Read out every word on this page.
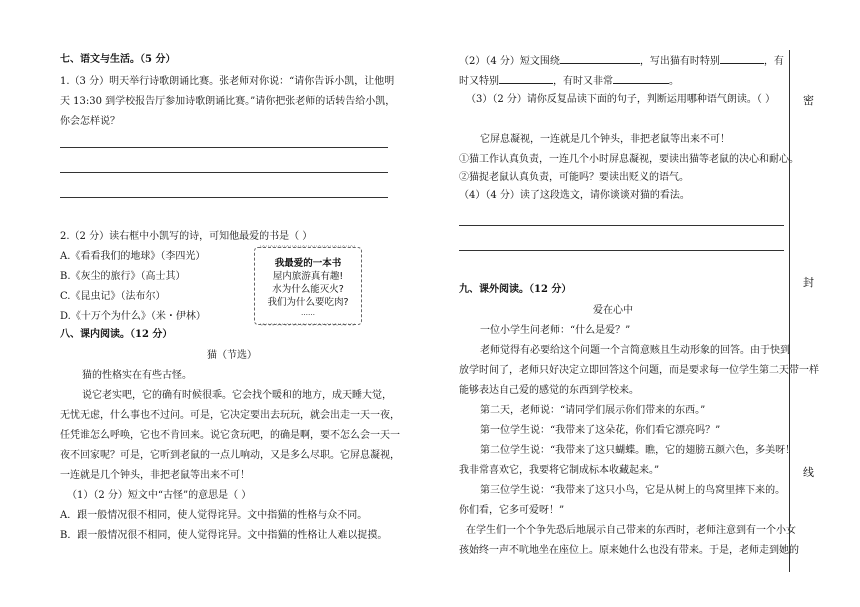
七、语文与生活。（5 分）
1.（3 分）明天举行诗歌朗诵比赛。张老师对你说：“请你告诉小凯，让他明
天 13:30 到学校报告厅参加诗歌朗诵比赛。”请你把张老师的话转告给小凯，
你会怎样说？
2.（2 分）读右框中小凯写的诗，可知他最爱的书是（ ）
A.《看看我们的地球》（李四光）
B.《灰尘的旅行》（高士其）
C.《昆虫记》（法布尔）
D.《十万个为什么》（米・伊林）
〰〰〰〰〰〰〰〰〰〰〰〰
我最爱的一本书
屋内旅游真有趣!
水为什么能灭火?
我们为什么要吃肉?
……
〰〰〰〰〰〰〰〰〰〰〰〰
八、课内阅读。（12 分）
猫（节选）
猫的性格实在有些古怪。
说它老实吧，它的确有时候很乖。它会找个暖和的地方，成天睡大觉，
无忧无虑，什么事也不过问。可是，它决定要出去玩玩，就会出走一天一夜，
任凭谁怎么呼唤，它也不肯回来。说它贪玩吧，的确是啊，要不怎么会一天一
夜不回家呢？可是，它听到老鼠的一点儿响动，又是多么尽职。它屏息凝视，
一连就是几个钟头，非把老鼠等出来不可！
（1）（2 分）短文中“古怪”的意思是（ ）
A．跟一般情况很不相同，使人觉得诧异。文中指猫的性格与众不同。
B．跟一般情况很不相同，使人觉得诧异。文中指猫的性格让人难以捉摸。
（2）（4 分）短文围绕	，写出猫有时特别	，有
时又特别	，有时又非常	。
（3）（2 分）请你反复品读下面的句子，判断运用哪种语气朗读。（ ）
它屏息凝视，一连就是几个钟头，非把老鼠等出来不可！
①猫工作认真负责，一连几个小时屏息凝视，要读出猫等老鼠的决心和耐心。
②猫捉老鼠认真负责，可能吗？要读出贬义的语气。
（4）（4 分）读了这段选文，请你谈谈对猫的看法。
九、课外阅读。（12 分）
爱在心中
一位小学生问老师：“什么是爱？”
老师觉得有必要给这个问题一个言简意赅且生动形象的回答。由于快到
放学时间了，老师只好决定立即回答这个问题，而是要求每一位学生第二天带一样
能够表达自己爱的感觉的东西到学校来。
第二天，老师说：“请同学们展示你们带来的东西。”
第一位学生说：“我带来了这朵花，你们看它漂亮吗？”
第二位学生说：“我带来了这只蝴蝶。瞧，它的翅膀五颜六色，多美呀！
我非常喜欢它，我要将它制成标本收藏起来。”
第三位学生说：“我带来了这只小鸟，它是从树上的鸟窝里摔下来的。
你们看，它多可爱呀！”
在学生们一个个争先恐后地展示自己带来的东西时，老师注意到有一个小女
孩始终一声不吭地坐在座位上。原来她什么也没有带来。于是，老师走到她的
密
封
线
